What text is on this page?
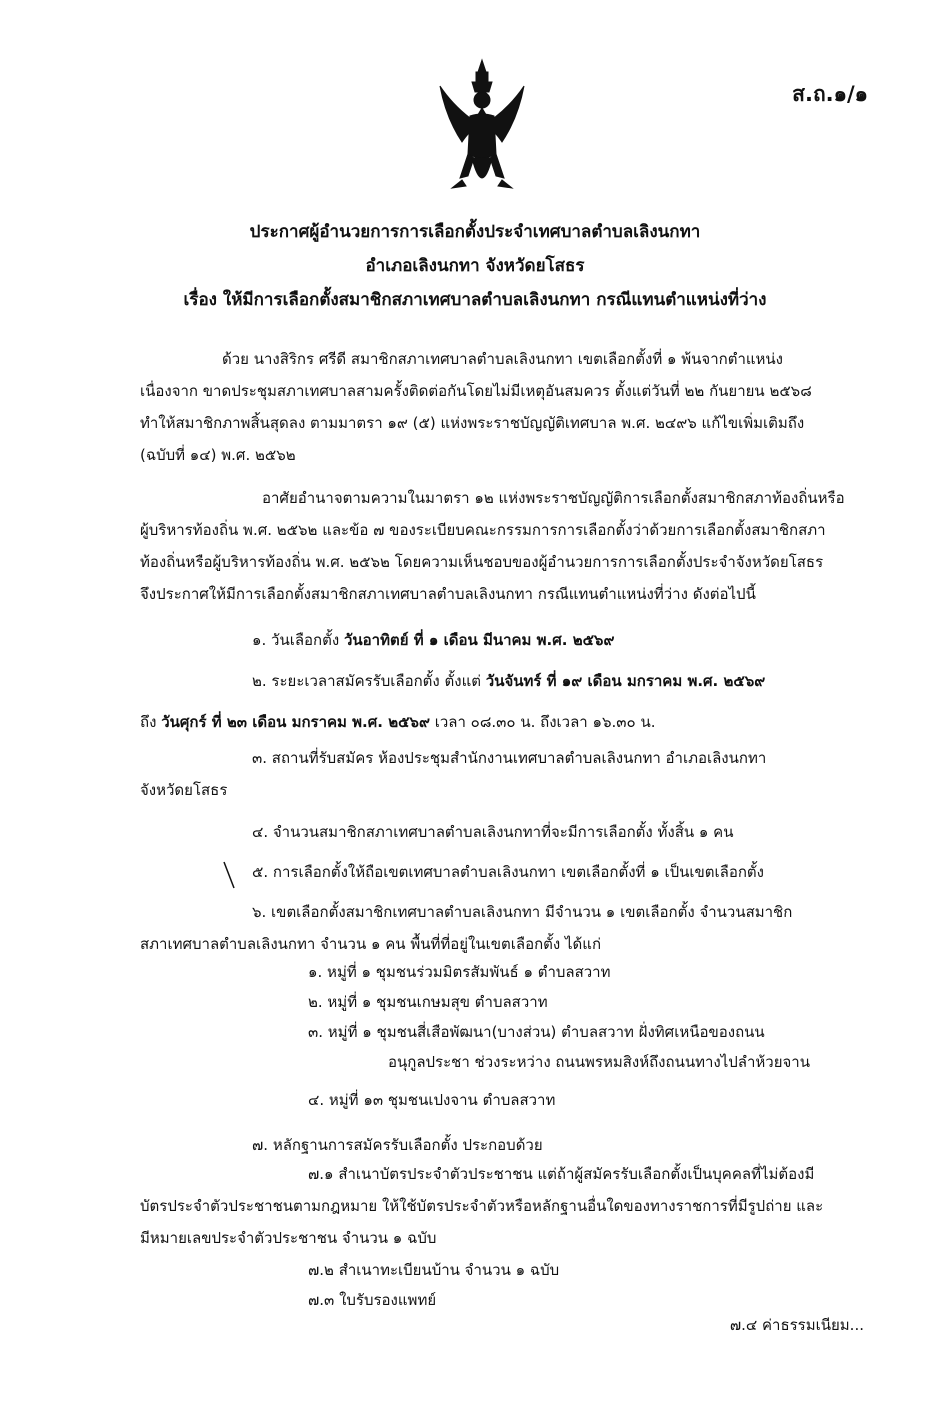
ส.ถ.๑/๑
ประกาศผู้อำนวยการการเลือกตั้งประจำเทศบาลตำบลเลิงนกทา
อำเภอเลิงนกทา จังหวัดยโสธร
เรื่อง ให้มีการเลือกตั้งสมาชิกสภาเทศบาลตำบลเลิงนกทา กรณีแทนตำแหน่งที่ว่าง
ด้วย นางสิริกร ศรีดี สมาชิกสภาเทศบาลตำบลเลิงนกทา เขตเลือกตั้งที่ ๑ พ้นจากตำแหน่ง
เนื่องจาก ขาดประชุมสภาเทศบาลสามครั้งติดต่อกันโดยไม่มีเหตุอันสมควร ตั้งแต่วันที่ ๒๒ กันยายน ๒๕๖๘
ทำให้สมาชิกภาพสิ้นสุดลง ตามมาตรา ๑๙ (๕) แห่งพระราชบัญญัติเทศบาล พ.ศ. ๒๔๙๖ แก้ไขเพิ่มเติมถึง
(ฉบับที่ ๑๔) พ.ศ. ๒๕๖๒
อาศัยอำนาจตามความในมาตรา ๑๒ แห่งพระราชบัญญัติการเลือกตั้งสมาชิกสภาท้องถิ่นหรือ
ผู้บริหารท้องถิ่น พ.ศ. ๒๕๖๒ และข้อ ๗ ของระเบียบคณะกรรมการการเลือกตั้งว่าด้วยการเลือกตั้งสมาชิกสภา
ท้องถิ่นหรือผู้บริหารท้องถิ่น พ.ศ. ๒๕๖๒ โดยความเห็นชอบของผู้อำนวยการการเลือกตั้งประจำจังหวัดยโสธร
จึงประกาศให้มีการเลือกตั้งสมาชิกสภาเทศบาลตำบลเลิงนกทา กรณีแทนตำแหน่งที่ว่าง ดังต่อไปนี้
๑. วันเลือกตั้ง วันอาทิตย์ ที่ ๑ เดือน มีนาคม พ.ศ. ๒๕๖๙
๒. ระยะเวลาสมัครรับเลือกตั้ง ตั้งแต่ วันจันทร์ ที่ ๑๙ เดือน มกราคม พ.ศ. ๒๕๖๙
ถึง วันศุกร์ ที่ ๒๓ เดือน มกราคม พ.ศ. ๒๕๖๙ เวลา ๐๘.๓๐ น. ถึงเวลา ๑๖.๓๐ น.
๓. สถานที่รับสมัคร ห้องประชุมสำนักงานเทศบาลตำบลเลิงนกทา อำเภอเลิงนกทา
จังหวัดยโสธร
๔. จำนวนสมาชิกสภาเทศบาลตำบลเลิงนกทาที่จะมีการเลือกตั้ง ทั้งสิ้น ๑ คน
๕. การเลือกตั้งให้ถือเขตเทศบาลตำบลเลิงนกทา เขตเลือกตั้งที่ ๑ เป็นเขตเลือกตั้ง
๖. เขตเลือกตั้งสมาชิกเทศบาลตำบลเลิงนกทา มีจำนวน ๑ เขตเลือกตั้ง จำนวนสมาชิก
สภาเทศบาลตำบลเลิงนกทา จำนวน ๑ คน พื้นที่ที่อยู่ในเขตเลือกตั้ง ได้แก่
๑. หมู่ที่ ๑ ชุมชนร่วมมิตรสัมพันธ์ ๑ ตำบลสวาท
๒. หมู่ที่ ๑ ชุมชนเกษมสุข ตำบลสวาท
๓. หมู่ที่ ๑ ชุมชนสี่เสือพัฒนา(บางส่วน) ตำบลสวาท ฝั่งทิศเหนือของถนน
อนุกูลประชา ช่วงระหว่าง ถนนพรหมสิงห์ถึงถนนทางไปลำห้วยจาน
๔. หมู่ที่ ๑๓ ชุมชนเปงจาน ตำบลสวาท
๗. หลักฐานการสมัครรับเลือกตั้ง ประกอบด้วย
๗.๑ สำเนาบัตรประจำตัวประชาชน แต่ถ้าผู้สมัครรับเลือกตั้งเป็นบุคคลที่ไม่ต้องมี
บัตรประจำตัวประชาชนตามกฎหมาย ให้ใช้บัตรประจำตัวหรือหลักฐานอื่นใดของทางราชการที่มีรูปถ่าย และ
มีหมายเลขประจำตัวประชาชน จำนวน ๑ ฉบับ
๗.๒ สำเนาทะเบียนบ้าน จำนวน ๑ ฉบับ
๗.๓ ใบรับรองแพทย์
๗.๔ ค่าธรรมเนียม...
